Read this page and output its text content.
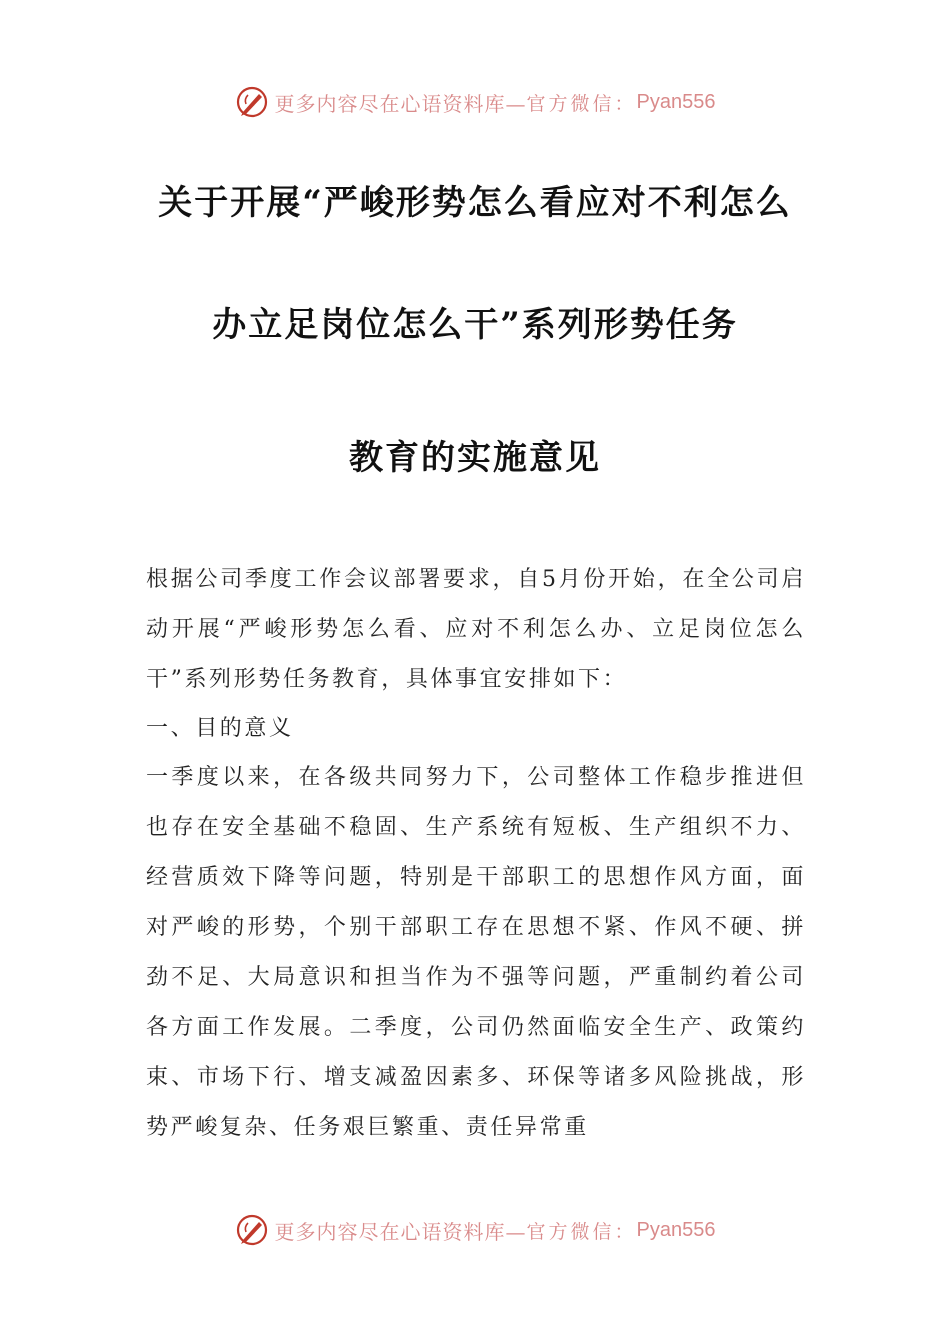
更多内容尽在心语资料库— 官方微信： Pyan556
关于开展“严峻形势怎么看应对不利怎么
办立足岗位怎么干”系列形势任务
教育的实施意见

根据公司季度工作会议部署要求，自5月份开始，在全公司启动开展“严峻形势怎么看、应对不利怎么办、立足岗位怎么干”系列形势任务教育，具体事宜安排如下：

一、目的意义

一季度以来，在各级共同努力下，公司整体工作稳步推进但也存在安全基础不稳固、生产系统有短板、生产组织不力、经营质效下降等问题，特别是干部职工的思想作风方面，面对严峻的形势，个别干部职工存在思想不紧、作风不硬、拼劲不足、大局意识和担当作为不强等问题，严重制约着公司各方面工作发展。二季度，公司仍然面临安全生产、政策约束、市场下行、增支减盈因素多、环保等诸多风险挑战，形势严峻复杂、任务艰巨繁重、责任异常重

更多内容尽在心语资料库— 官方微信： Pyan556
